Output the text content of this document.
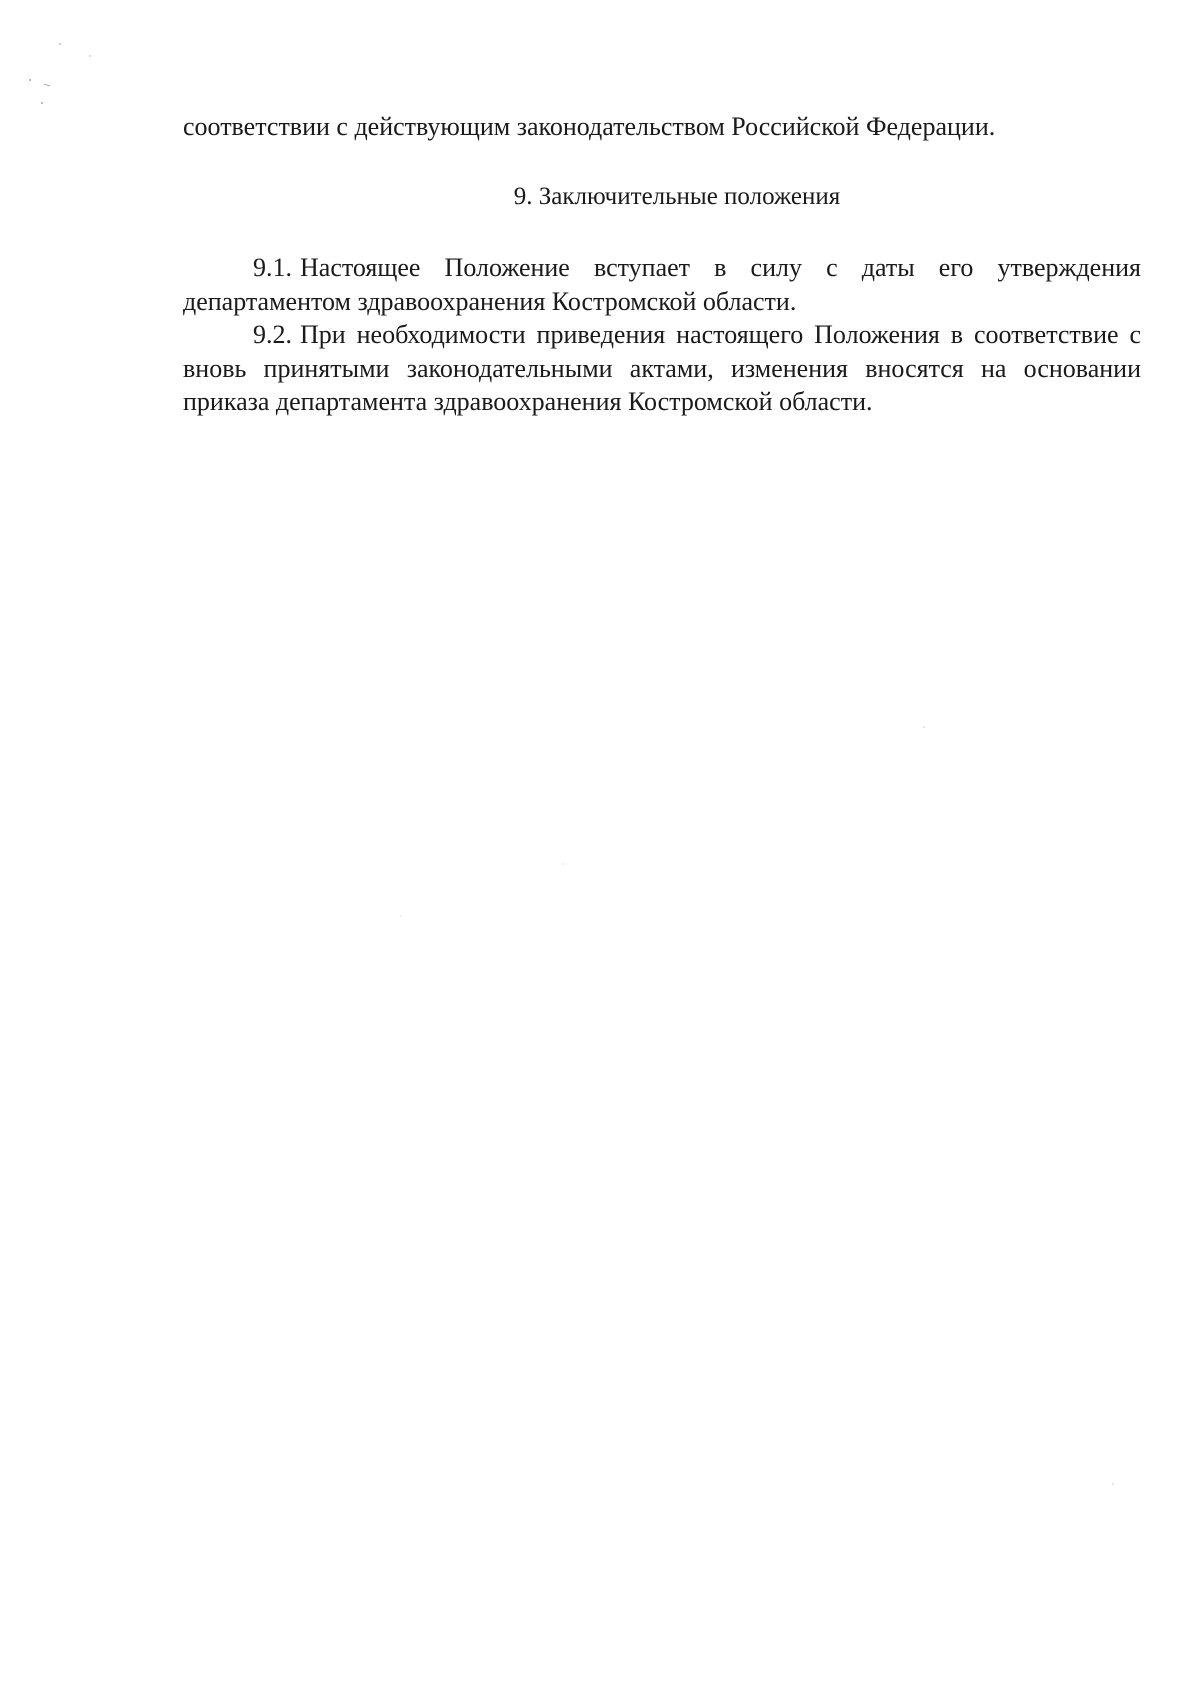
соответствии с действующим законодательством Российской Федерации.

9. Заключительные положения

9.1. Настоящее Положение вступает в силу с даты его утверждения департаментом здравоохранения Костромской области.

9.2. При необходимости приведения настоящего Положения в соответствие с вновь принятыми законодательными актами, изменения вносятся на основании приказа департамента здравоохранения Костромской области.
